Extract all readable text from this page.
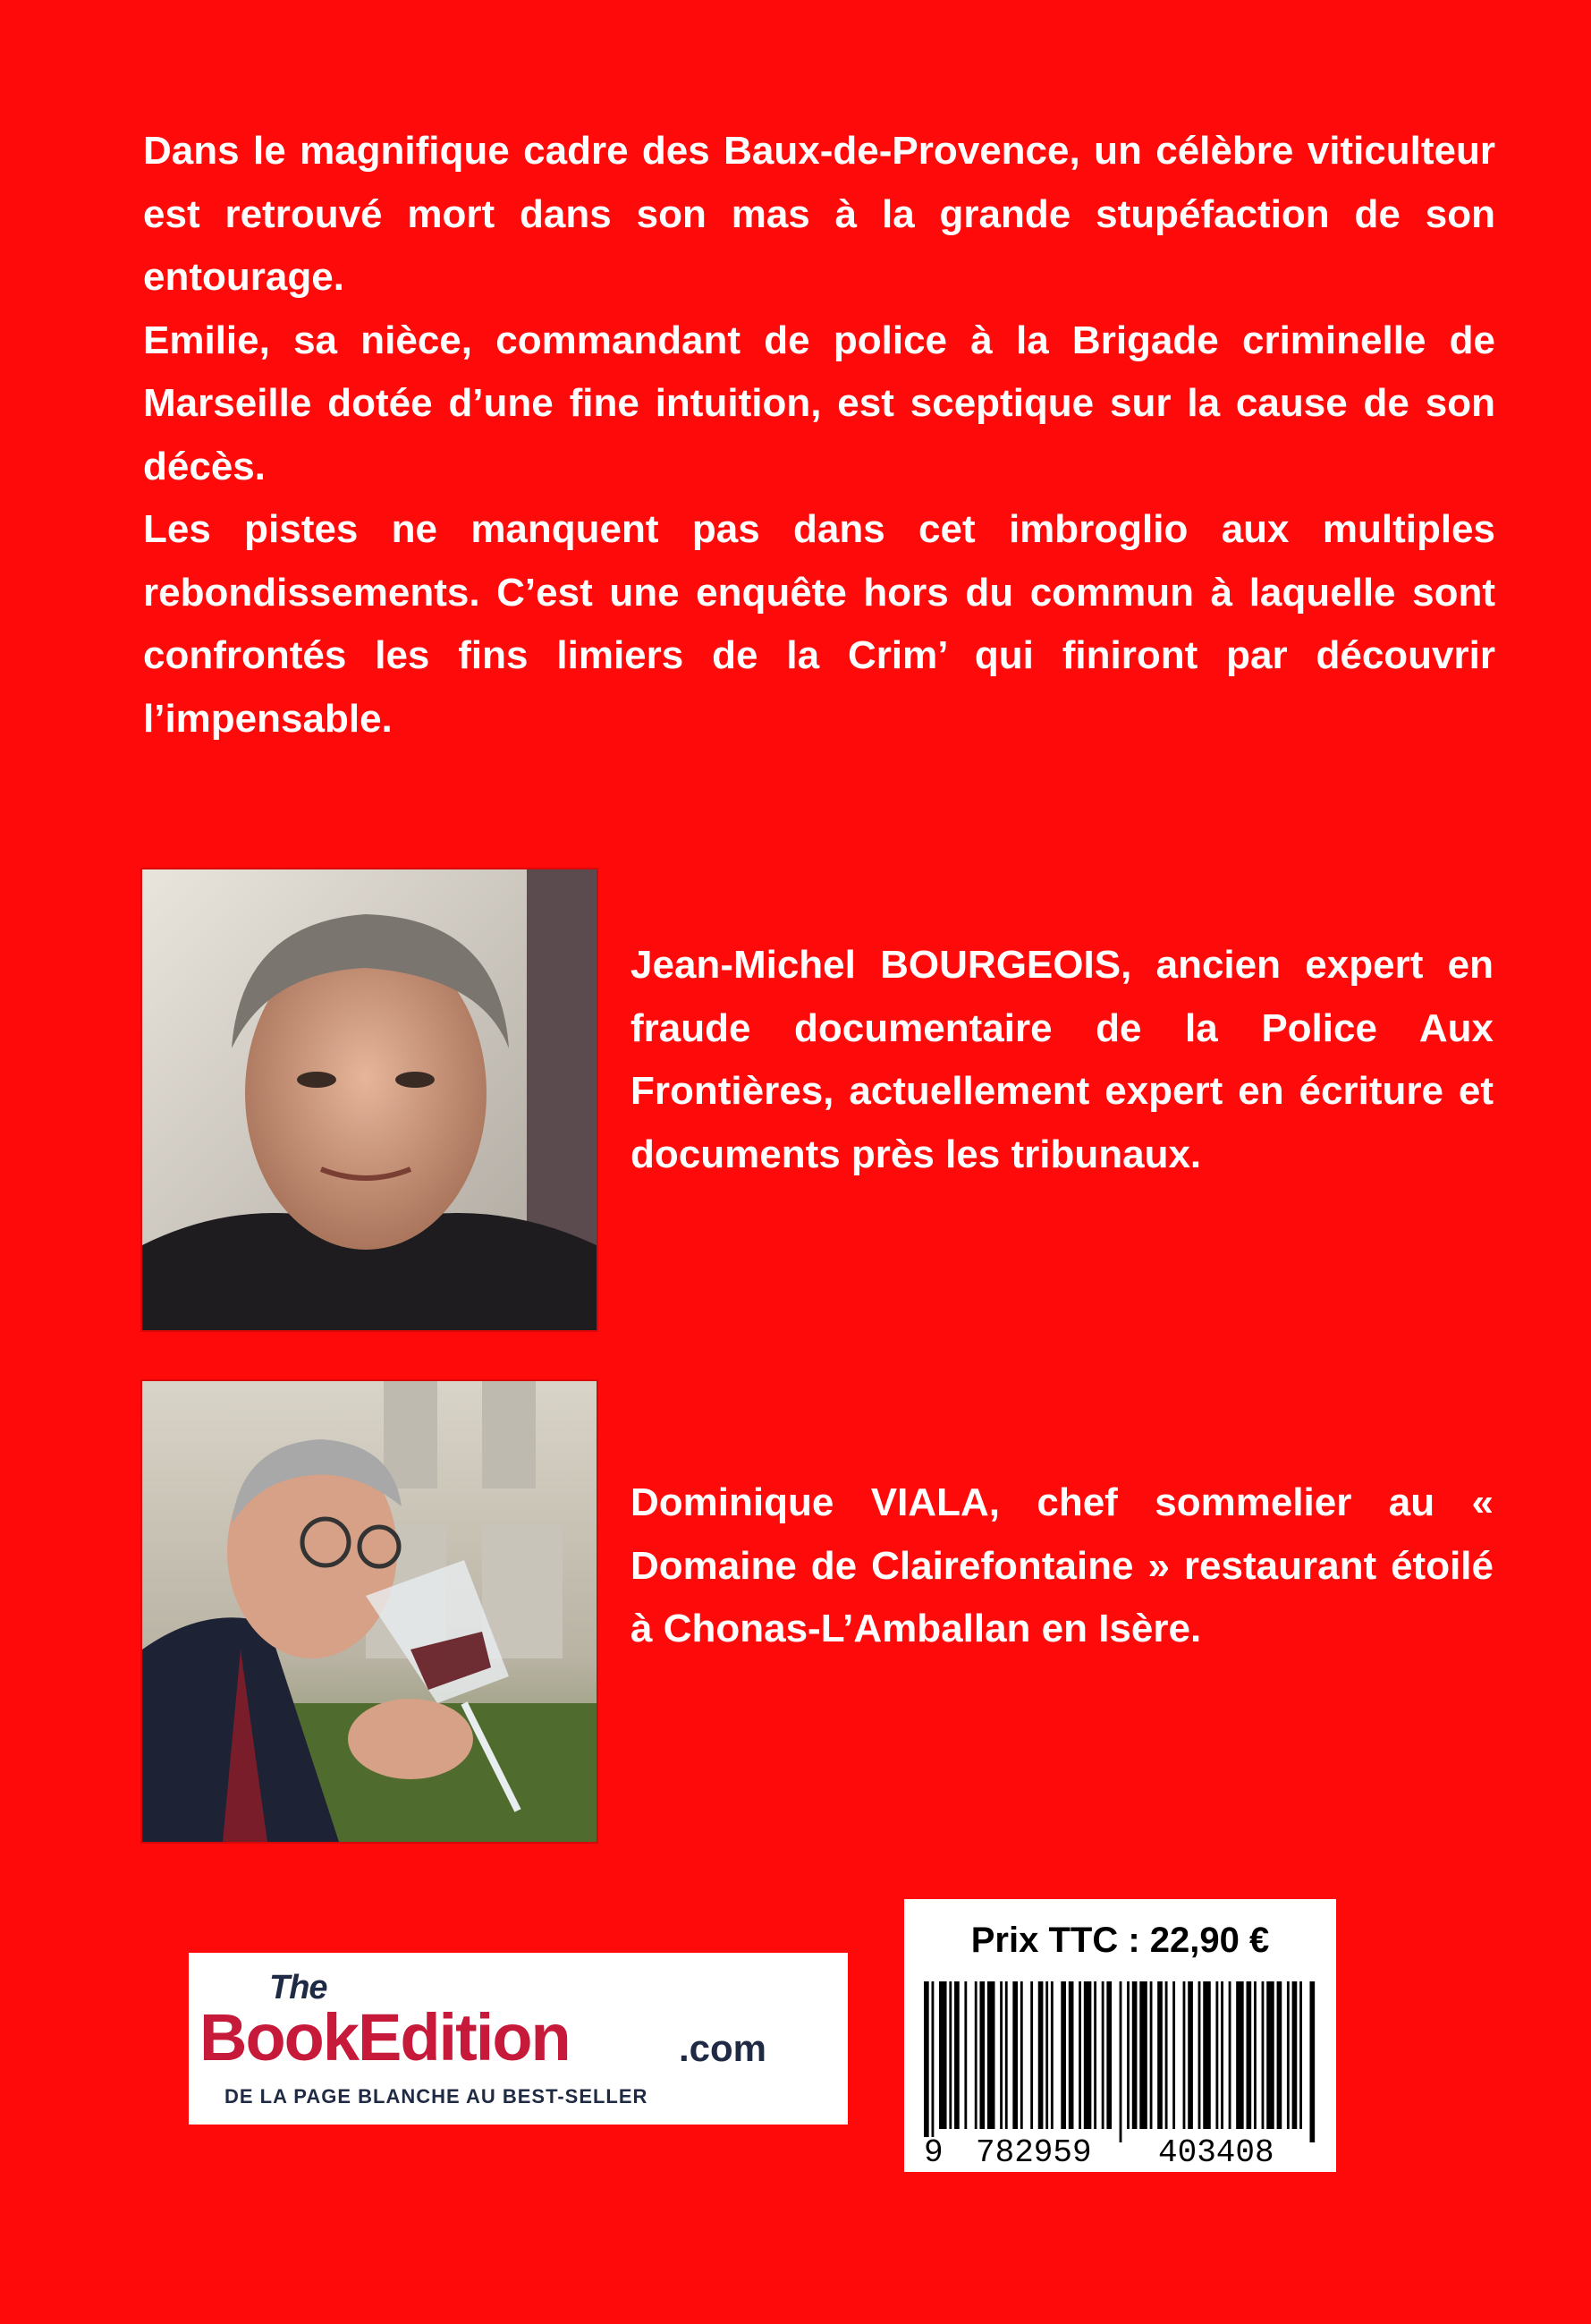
Dans le magnifique cadre des Baux-de-Provence, un célèbre viticulteur est retrouvé mort dans son mas à la grande stupéfaction de son entourage.

Emilie, sa nièce, commandant de police à la Brigade criminelle de Marseille dotée d’une fine intuition, est sceptique sur la cause de son décès.

Les pistes ne manquent pas dans cet imbroglio aux multiples rebondissements. C’est une enquête hors du commun à laquelle sont confrontés les fins limiers de la Crim’ qui finiront par découvrir l’impensable.

Jean-Michel BOURGEOIS, ancien expert en fraude documentaire de la Police Aux Frontières, actuellement expert en écriture et documents près les tribunaux.

Dominique VIALA, chef sommelier au « Domaine de Clairefontaine » restaurant étoilé à Chonas-L’Amballan en Isère.

The
BookEdition	.com
DE LA PAGE BLANCHE AU BEST-SELLER
Prix TTC : 22,90 €
9 782959 403408
